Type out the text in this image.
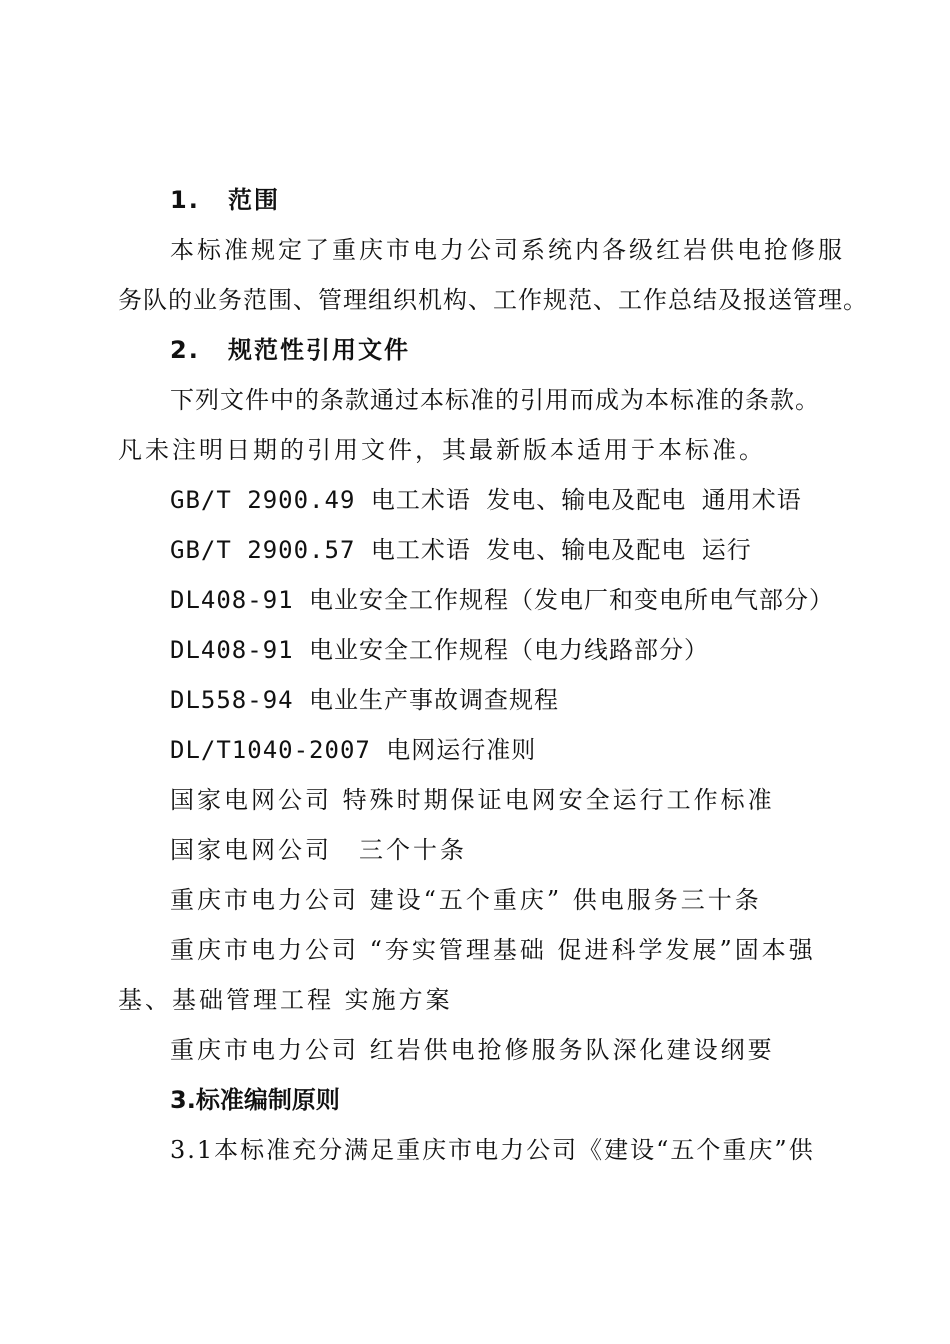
1. 范围
本标准规定了重庆市电力公司系统内各级红岩供电抢修服
务队的业务范围、管理组织机构、工作规范、工作总结及报送管理。
2. 规范性引用文件
下列文件中的条款通过本标准的引用而成为本标准的条款。
凡未注明日期的引用文件，其最新版本适用于本标准。
GB/T 2900.49 电工术语 发电、输电及配电 通用术语
GB/T 2900.57 电工术语 发电、输电及配电 运行
DL408-91 电业安全工作规程（发电厂和变电所电气部分）
DL408-91 电业安全工作规程（电力线路部分）
DL558-94 电业生产事故调查规程
DL/T1040-2007 电网运行准则
国家电网公司 特殊时期保证电网安全运行工作标准
国家电网公司　三个十条
重庆市电力公司 建设“五个重庆” 供电服务三十条
重庆市电力公司 “夯实管理基础 促进科学发展”固本强
基、基础管理工程 实施方案
重庆市电力公司 红岩供电抢修服务队深化建设纲要
3.标准编制原则
3.1本标准充分满足重庆市电力公司《建设“五个重庆”供
